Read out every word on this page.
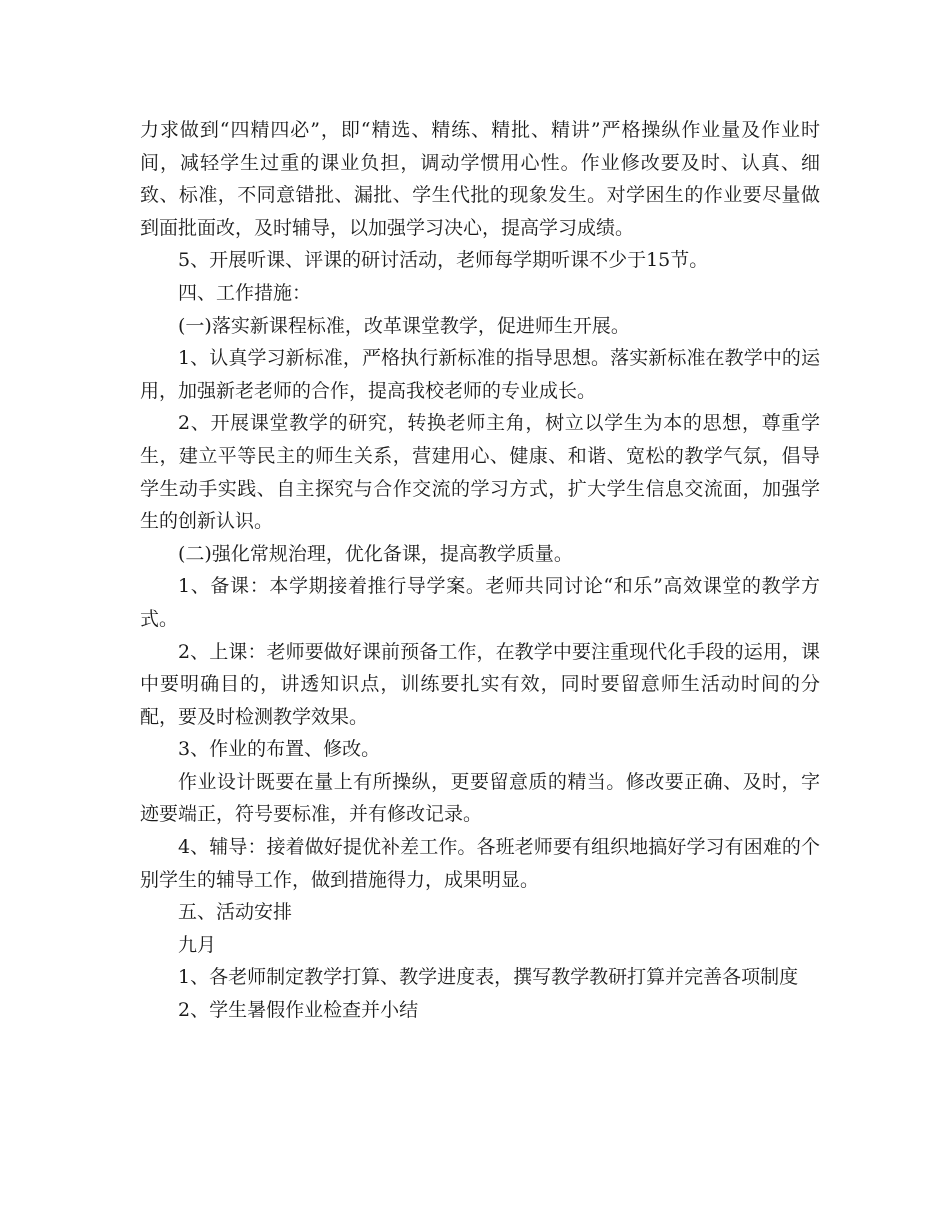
力求做到“四精四必”，即“精选、精练、精批、精讲”严格操纵作业量及作业时间，减轻学生过重的课业负担，调动学惯用心性。作业修改要及时、认真、细致、标准，不同意错批、漏批、学生代批的现象发生。对学困生的作业要尽量做到面批面改，及时辅导，以加强学习决心，提高学习成绩。

5、开展听课、评课的研讨活动，老师每学期听课不少于15节。

四、工作措施：

(一)落实新课程标准，改革课堂教学，促进师生开展。

1、认真学习新标准，严格执行新标准的指导思想。落实新标准在教学中的运用，加强新老老师的合作，提高我校老师的专业成长。

2、开展课堂教学的研究，转换老师主角，树立以学生为本的思想，尊重学生，建立平等民主的师生关系，营建用心、健康、和谐、宽松的教学气氛，倡导学生动手实践、自主探究与合作交流的学习方式，扩大学生信息交流面，加强学生的创新认识。

(二)强化常规治理，优化备课，提高教学质量。

1、备课：本学期接着推行导学案。老师共同讨论“和乐”高效课堂的教学方式。

2、上课：老师要做好课前预备工作，在教学中要注重现代化手段的运用，课中要明确目的，讲透知识点，训练要扎实有效，同时要留意师生活动时间的分配，要及时检测教学效果。

3、作业的布置、修改。

作业设计既要在量上有所操纵，更要留意质的精当。修改要正确、及时，字迹要端正，符号要标准，并有修改记录。

4、辅导：接着做好提优补差工作。各班老师要有组织地搞好学习有困难的个别学生的辅导工作，做到措施得力，成果明显。

五、活动安排

九月

1、各老师制定教学打算、教学进度表，撰写教学教研打算并完善各项制度

2、学生暑假作业检查并小结
